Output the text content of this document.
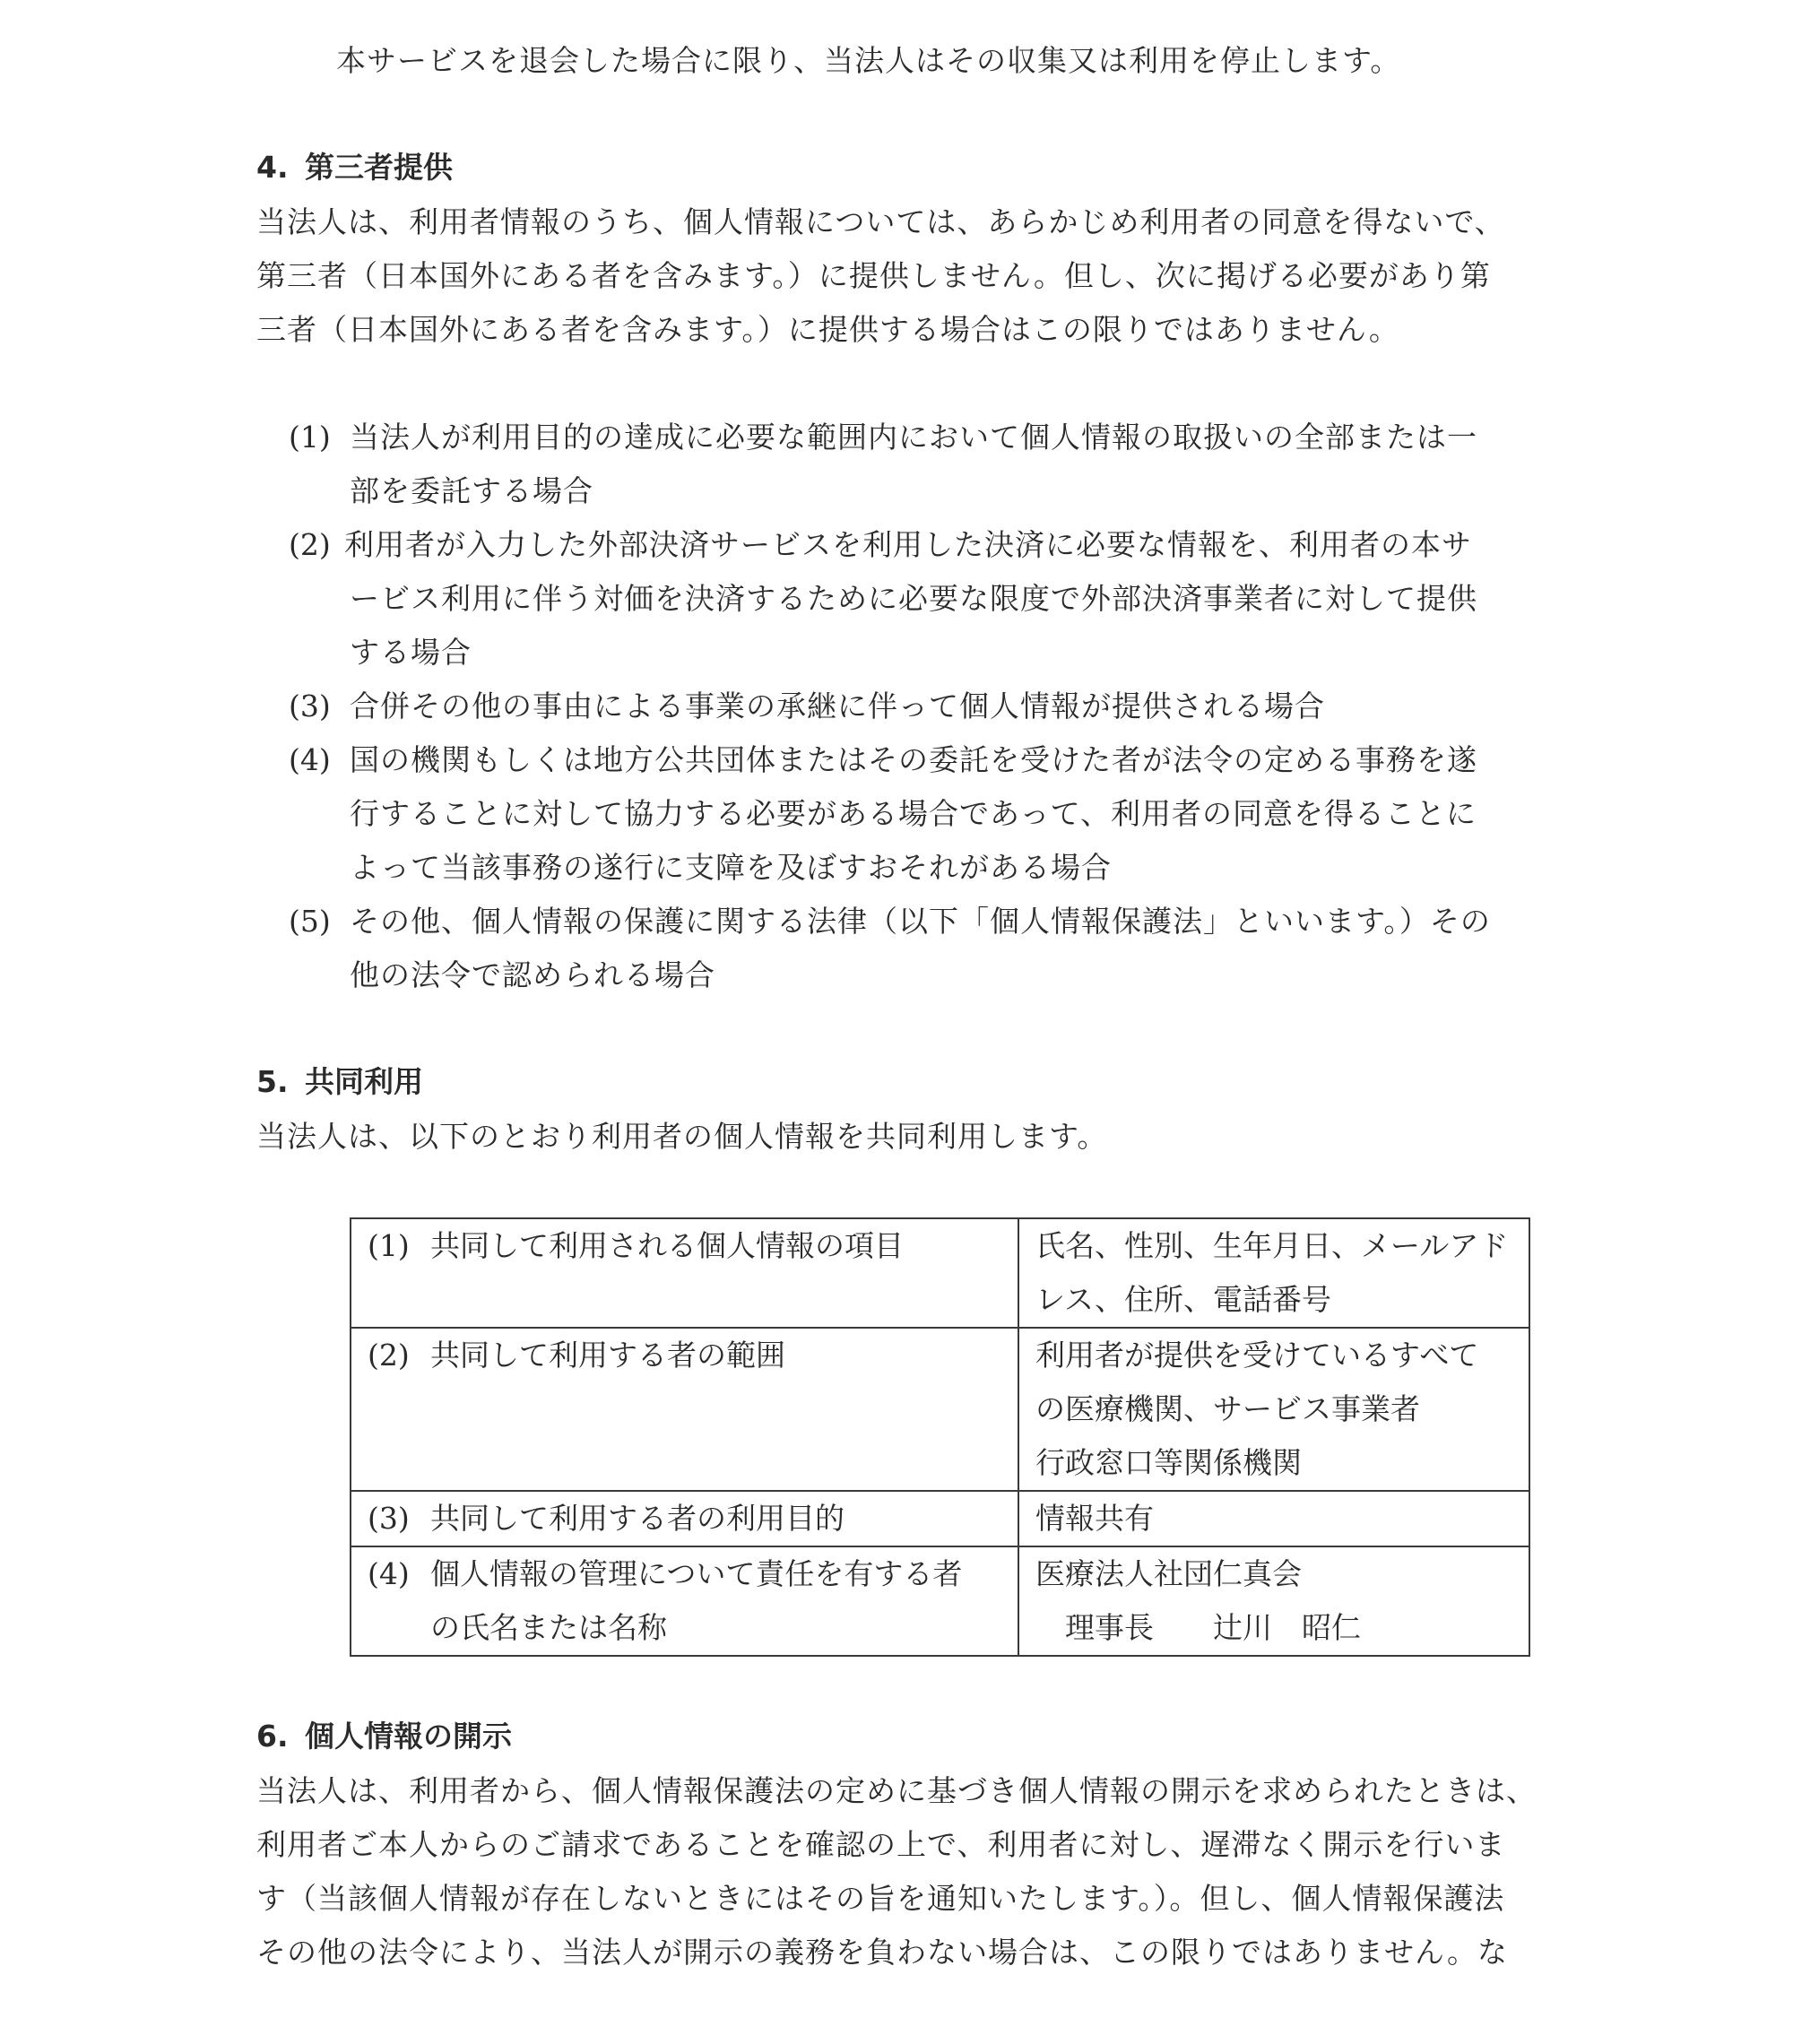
本サービスを退会した場合に限り、当法人はその収集又は利用を停止します。
4. 第三者提供
当法人は、利用者情報のうち、個人情報については、あらかじめ利用者の同意を得ないで、
第三者（日本国外にある者を含みます。）に提供しません。但し、次に掲げる必要があり第
三者（日本国外にある者を含みます。）に提供する場合はこの限りではありません。
(1) 当法人が利用目的の達成に必要な範囲内において個人情報の取扱いの全部または一
部を委託する場合
(2) 利用者が入力した外部決済サービスを利用した決済に必要な情報を、利用者の本サ
ービス利用に伴う対価を決済するために必要な限度で外部決済事業者に対して提供
する場合
(3) 合併その他の事由による事業の承継に伴って個人情報が提供される場合
(4) 国の機関もしくは地方公共団体またはその委託を受けた者が法令の定める事務を遂
行することに対して協力する必要がある場合であって、利用者の同意を得ることに
よって当該事務の遂行に支障を及ぼすおそれがある場合
(5) その他、個人情報の保護に関する法律（以下「個人情報保護法」といいます。）その
他の法令で認められる場合
5. 共同利用
当法人は、以下のとおり利用者の個人情報を共同利用します。
(1) 共同して利用される個人情報の項目	氏名、性別、生年月日、メールアド
レス、住所、電話番号

(2) 共同して利用する者の範囲	利用者が提供を受けているすべて
の医療機関、サービス事業者
行政窓口等関係機関

(3) 共同して利用する者の利用目的	情報共有

(4) 個人情報の管理について責任を有する者
の氏名または名称	医療法人社団仁真会
　理事長　　辻川　昭仁
6. 個人情報の開示
当法人は、利用者から、個人情報保護法の定めに基づき個人情報の開示を求められたときは、
利用者ご本人からのご請求であることを確認の上で、利用者に対し、遅滞なく開示を行いま
す（当該個人情報が存在しないときにはその旨を通知いたします。）。但し、個人情報保護法
その他の法令により、当法人が開示の義務を負わない場合は、この限りではありません。な
